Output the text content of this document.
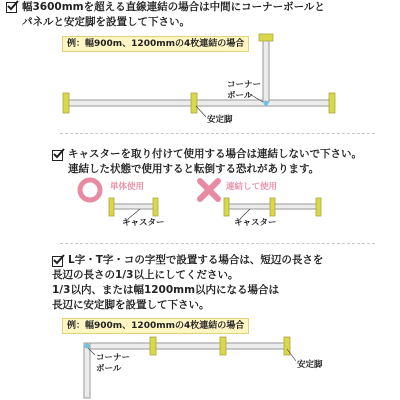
幅3600mmを超える直線連結の場合は中間にコーナーボールと
パネルと安定脚を設置して下さい。
例：幅900m、1200mmの4枚連結の場合
コーナー
ポール
安定脚
キャスターを取り付けて使用する場合は連結しないで下さい。
連結した状態で使用すると転倒する恐れがあります。
単体使用	連結して使用
キャスター	キャスター
L字・T字・コの字型で設置する場合は、短辺の長さを
長辺の長さの1/3以上にしてください。
1/3以内、または幅1200mm以内になる場合は
長辺に安定脚を設置して下さい。
例：幅900m、1200mmの4枚連結の場合
コーナー
ポール	安定脚
